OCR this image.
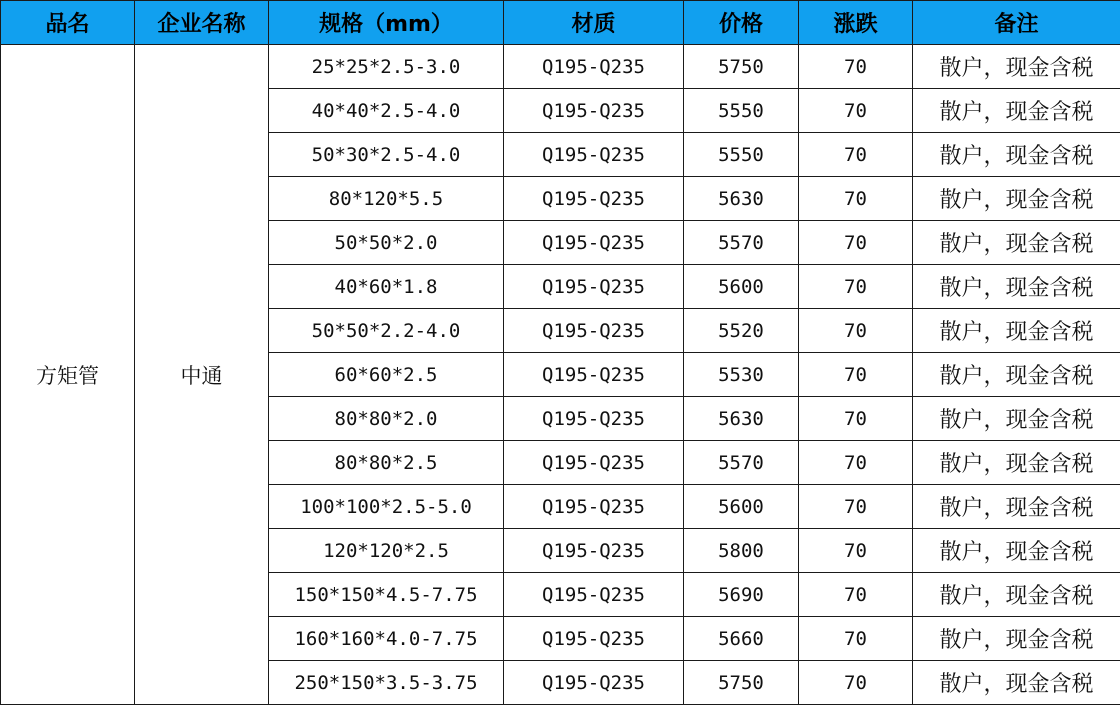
品名	企业名称	规格（mm）	材质	价格	涨跌	备注
方矩管	中通	25*25*2.5-3.0	Q195-Q235	5750	70	散户，现金含税
		40*40*2.5-4.0	Q195-Q235	5550	70	散户，现金含税
		50*30*2.5-4.0	Q195-Q235	5550	70	散户，现金含税
		80*120*5.5	Q195-Q235	5630	70	散户，现金含税
		50*50*2.0	Q195-Q235	5570	70	散户，现金含税
		40*60*1.8	Q195-Q235	5600	70	散户，现金含税
		50*50*2.2-4.0	Q195-Q235	5520	70	散户，现金含税
		60*60*2.5	Q195-Q235	5530	70	散户，现金含税
		80*80*2.0	Q195-Q235	5630	70	散户，现金含税
		80*80*2.5	Q195-Q235	5570	70	散户，现金含税
		100*100*2.5-5.0	Q195-Q235	5600	70	散户，现金含税
		120*120*2.5	Q195-Q235	5800	70	散户，现金含税
		150*150*4.5-7.75	Q195-Q235	5690	70	散户，现金含税
		160*160*4.0-7.75	Q195-Q235	5660	70	散户，现金含税
		250*150*3.5-3.75	Q195-Q235	5750	70	散户，现金含税
